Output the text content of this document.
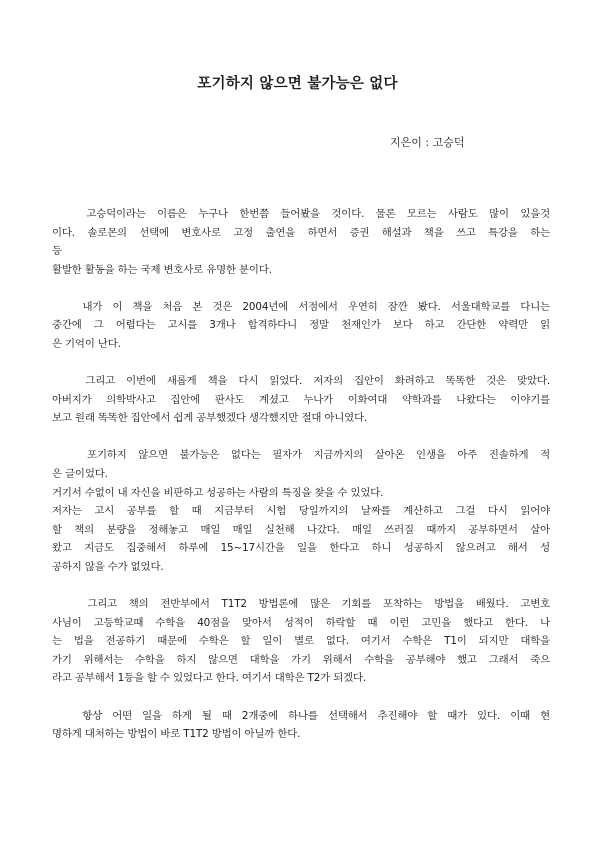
포기하지 않으면 불가능은 없다
지은이 : 고승덕
고승덕이라는 이름은 누구나 한번쯤 들어봤을 것이다. 물론 모르는 사람도 많이 있을것
이다. 솔로몬의 선택에 변호사로 고정 출연을 하면서 증권 해설과 책을 쓰고 특강을 하는
등
활발한 활동을 하는 국제 변호사로 유명한 분이다.
내가 이 책을 처음 본 것은 2004년에 서점에서 우연히 잠깐 봤다. 서울대학교를 다니는
중간에 그 어렵다는 고시를 3개나 합격하다니 정말 천재인가 보다 하고 간단한 약력만 읽
은 기억이 난다.
그리고 이번에 새롭게 책을 다시 읽었다. 저자의 집안이 화려하고 똑똑한 것은 맞았다.
아버지가 의학박사고 집안에 판사도 계셨고 누나가 이화여대 약학과를 나왔다는 이야기를
보고 원래 똑똑한 집안에서 쉽게 공부했겠다 생각했지만 절대 아니였다.
포기하지 않으면 불가능은 없다는 필자가 지금까지의 살아온 인생을 아주 진솔하게 적
은 글이었다.
거기서 수없이 내 자신을 비판하고 성공하는 사람의 특징을 찾을 수 있었다.
저자는 고시 공부를 할 때 지금부터 시험 당일까지의 날짜를 계산하고 그걸 다시 읽어야
할 책의 분량을 정해놓고 매일 매일 실천해 나갔다. 매일 쓰러질 때까지 공부하면서 살아
왔고 지금도 집중해서 하루에 15~17시간을 일을 한다고 하니 성공하지 않으려고 해서 성
공하지 않을 수가 없었다.
그리고 책의 전반부에서 T1T2 방법론에 많은 기회를 포착하는 방법을 배웠다. 고변호
사님이 고등학교때 수학을 40점을 맞아서 성적이 하락할 때 이런 고민을 했다고 한다. 나
는 법을 전공하기 때문에 수학은 할 일이 별로 없다. 여기서 수학은 T1이 되지만 대학을
가기 위해서는 수학을 하지 않으면 대학을 가기 위해서 수학을 공부해야 했고 그래서 죽으
라고 공부해서 1등을 할 수 있었다고 한다. 여기서 대학은 T2가 되겠다.
항상 어떤 일을 하게 될 때 2개중에 하나를 선택해서 추진해야 할 때가 있다. 이때 현
명하게 대처하는 방법이 바로 T1T2 방법이 아닐까 한다.
